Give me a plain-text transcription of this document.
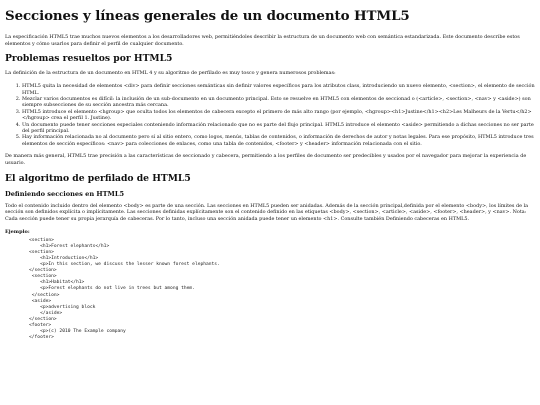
Secciones y líneas generales de un documento HTML5

La especificación HTML5 trae muchos nuevos elementos a los desarrolladores web, permitiéndoles describir la estructura de un documento web con semántica estandarizada. Este documento describe estos elementos y cómo usarlos para definir el perfil de cualquier documento.

Problemas resueltos por HTML5

La definición de la estructura de un documento en HTML 4 y su algoritmo de perfilado es muy tosco y genera numerosos problemas:

1. HTML5 quita la necesidad de elementos <div> para definir secciones semánticas sin definir valores específicos para los atributos class, introduciendo un nuevo elemento, <section>, el elemento de sección HTML.
2. Mezclar varios documentos es difícil: la inclusión de un sub-documento en un documento principal. Esto se resuelve en HTML5 con elementos de seccionad o (<article>, <section>, <nav> y <aside>) son siempre subsecciones de su sección ancestra más cercana.
3. HTML5 introduce el elemento <hgroup> que oculta todos los elementos de cabecera excepto el primero de más alto rango (por ejemplo, <hgroup><h1>Justine</h1><h2>Les Malheurs de la Vertu</h2></hgroup> crea el perfil 1. Justine).
4. Un documento puede tener secciones especiales conteniendo información relacionado que no es parte del flujo principal. HTML5 introduce el elemento <aside> permitiendo a dichas secciones no ser parte del perfil principal.
5. Hay información relacionada no al documento pero sí al sitio entero, como logos, menús, tablas de contenidos, o información de derechos de autor y notas legales. Para ese propósito, HTML5 introduce tres elementos de sección específicos: <nav> para colecciones de enlaces, como una tabla de contenidos, <footer> y <header> información relacionada con el sitio.

De manera más general, HTML5 trae precisión a las características de seccionado y cabecera, permitiendo a los perfiles de documento ser predecibles y usados por el navegador para mejorar la experiencia de usuario.

El algoritmo de perfilado de HTML5
Definiendo secciones en HTML5

Todo el contenido incluido dentro del elemento <body> es parte de una sección. Las secciones en HTML5 pueden ser anidadas. Además de la sección principal,definida por el elemento <body>, los límites de la sección son definidos explícita o implícitamente. Las secciones definidas explícitamente son el contenido definido en las etiquetas <body>, <section>, <article>, <aside>, <footer>, <header>, y <nav>. Nota: Cada sección puede tener su propia jerarquía de cabeceras. Por lo tanto, incluso una sección anidada puede tener un elemento <h1>. Consulte también Definiendo cabeceras en HTML5.

Ejemplo:
<section>
<h1>Forest elephants</h1>
<section>
<h1>Introduction</h1>
<p>In this section, we discuss the lesser known forest elephants.
</section>
<section>
<h1>Habitat</h1>
<p>Forest elephants do not live in trees but among them.
</section>
<aside>
<p>advertising block
</aside>
</section>
<footer>
<p>(c) 2010 The Example company
</footer>
